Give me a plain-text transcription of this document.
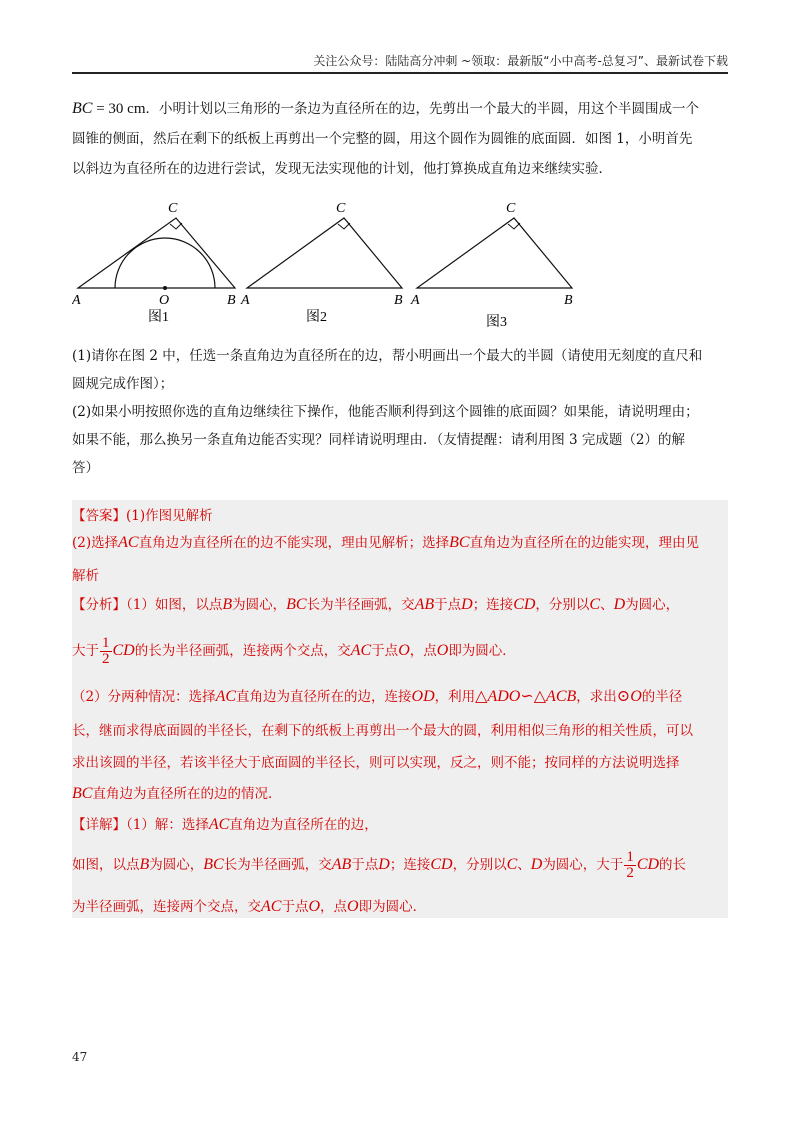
关注公众号：陆陆高分冲刺 ~领取：最新版“小中高考-总复习”、最新试卷下载
BC = 30 cm．小明计划以三角形的一条边为直径所在的边，先剪出一个最大的半圆，用这个半圆围成一个
圆锥的侧面，然后在剩下的纸板上再剪出一个完整的圆，用这个圆作为圆锥的底面圆．如图 1，小明首先
以斜边为直径所在的边进行尝试，发现无法实现他的计划，他打算换成直角边来继续实验．
A	B
C
O
图1
A	B
C
图2
A	B
C
图3
(1)请你在图 2 中，任选一条直角边为直径所在的边，帮小明画出一个最大的半圆（请使用无刻度的直尺和
圆规完成作图）；
(2)如果小明按照你选的直角边继续往下操作，他能否顺利得到这个圆锥的底面圆？如果能，请说明理由；
如果不能，那么换另一条直角边能否实现？同样请说明理由．（友情提醒：请利用图 3 完成题（2）的解
答）
【答案】(1)作图见解析
(2)选择AC直角边为直径所在的边不能实现，理由见解析；选择BC直角边为直径所在的边能实现，理由见
解析
【分析】（1）如图，以点B为圆心，BC长为半径画弧，交AB于点D；连接CD，分别以C、D为圆心，
大于 $\frac{1}{2}$ CD的长为半径画弧，连接两个交点，交AC于点O，点O即为圆心．
（2）分两种情况：选择AC直角边为直径所在的边，连接OD，利用△ADO∽△ACB，求出⊙O的半径
长，继而求得底面圆的半径长，在剩下的纸板上再剪出一个最大的圆，利用相似三角形的相关性质，可以
求出该圆的半径，若该半径大于底面圆的半径长，则可以实现，反之，则不能；按同样的方法说明选择
BC直角边为直径所在的边的情况．
【详解】（1）解：选择AC直角边为直径所在的边，
如图，以点B为圆心，BC长为半径画弧，交AB于点D；连接CD，分别以C、D为圆心，大于 $\frac{1}{2}$ CD的长
为半径画弧，连接两个交点，交AC于点O，点O即为圆心．
47
